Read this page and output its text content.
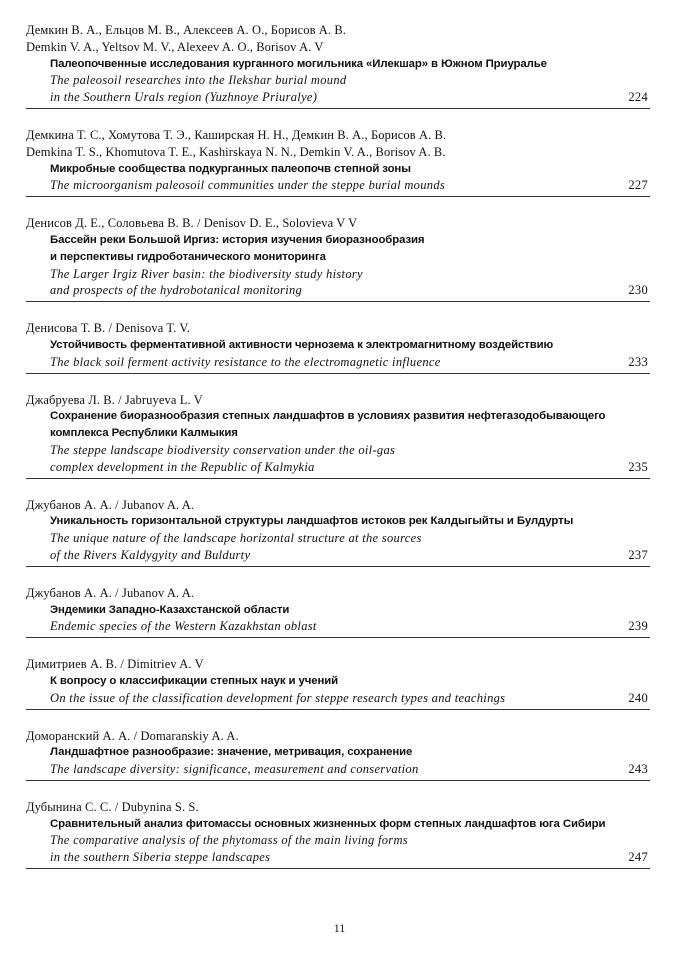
Демкин В. А., Ельцов М. В., Алексеев А. О., Борисов А. В.
Demkin V. A., Yeltsov M. V., Alexeev A. O., Borisov A. V
Палеопочвенные исследования курганного могильника «Илекшар» в Южном Приуралье
The paleosoil researches into the Ilekshar burial mound
in the Southern Urals region (Yuzhnoye Priuralye)	224
Демкина Т. С., Хомутова Т. Э., Каширская Н. Н., Демкин В. А., Борисов А. В.
Demkina T. S., Khomutova T. E., Kashirskaya N. N., Demkin V. A., Borisov A. B.
Микробные сообщества подкурганных палеопочв степной зоны
The microorganism paleosoil communities under the steppe burial mounds	227
Денисов Д. Е., Соловьева В. В. / Denisov D. E., Solovieva V V
Бассейн реки Большой Иргиз: история изучения биоразнообразия
и перспективы гидроботанического мониторинга
The Larger Irgiz River basin: the biodiversity study history
and prospects of the hydrobotanical monitoring	230
Денисова Т. В. / Denisova T. V.
Устойчивость ферментативной активности чернозема к электромагнитному воздействию
The black soil ferment activity resistance to the electromagnetic influence	233
Джабруева Л. В. / Jabruyeva L. V
Сохранение биоразнообразия степных ландшафтов в условиях развития нефтегазодобывающего
комплекса Республики Калмыкия
The steppe landscape biodiversity conservation under the oil-gas
complex development in the Republic of Kalmykia	235
Джубанов А. А. / Jubanov A. A.
Уникальность горизонтальной структуры ландшафтов истоков рек Калдыгыйты и Булдурты
The unique nature of the landscape horizontal structure at the sources
of the Rivers Kaldygyity and Buldurty	237
Джубанов А. А. / Jubanov A. A.
Эндемики Западно-Казахстанской области
Endemic species of the Western Kazakhstan oblast	239
Димитриев А. В. / Dimitriev A. V
К вопросу о классификации степных наук и учений
On the issue of the classification development for steppe research types and teachings	240
Доморанский А. А. / Domaranskiy A. A.
Ландшафтное разнообразие: значение, метривация, сохранение
The landscape diversity: significance, measurement and conservation	243
Дубынина С. С. / Dubynina S. S.
Сравнительный анализ фитомассы основных жизненных форм степных ландшафтов юга Сибири
The comparative analysis of the phytomass of the main living forms
in the southern Siberia steppe landscapes	247
11
